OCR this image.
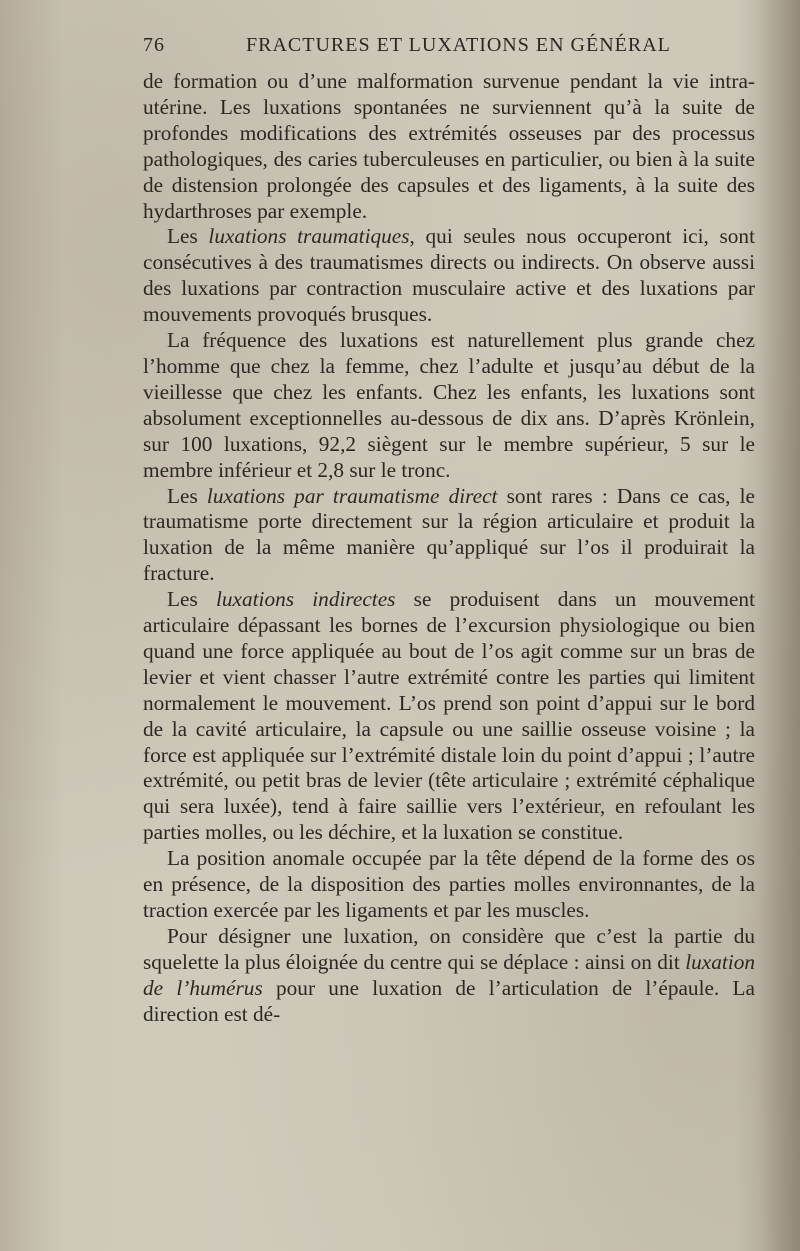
76	FRACTURES ET LUXATIONS EN GÉNÉRAL

de formation ou d’une malformation survenue pendant la vie intra-utérine. Les luxations spontanées ne surviennent qu’à la suite de profondes modifications des extrémités osseuses par des processus pathologiques, des caries tuberculeuses en particulier, ou bien à la suite de distension prolongée des capsules et des ligaments, à la suite des hydarthroses par exemple.

Les luxations traumatiques, qui seules nous occuperont ici, sont consécutives à des traumatismes directs ou indirects. On observe aussi des luxations par contraction musculaire active et des luxations par mouvements provoqués brusques.

La fréquence des luxations est naturellement plus grande chez l’homme que chez la femme, chez l’adulte et jusqu’au début de la vieillesse que chez les enfants. Chez les enfants, les luxations sont absolument exceptionnelles au-dessous de dix ans. D’après Krönlein, sur 100 luxations, 92,2 siègent sur le membre supérieur, 5 sur le membre inférieur et 2,8 sur le tronc.

Les luxations par traumatisme direct sont rares : Dans ce cas, le traumatisme porte directement sur la région articulaire et produit la luxation de la même manière qu’appliqué sur l’os il produirait la fracture.

Les luxations indirectes se produisent dans un mouvement articulaire dépassant les bornes de l’excursion physiologique ou bien quand une force appliquée au bout de l’os agit comme sur un bras de levier et vient chasser l’autre extrémité contre les parties qui limitent normalement le mouvement. L’os prend son point d’appui sur le bord de la cavité articulaire, la capsule ou une saillie osseuse voisine ; la force est appliquée sur l’extrémité distale loin du point d’appui ; l’autre extrémité, ou petit bras de levier (tête articulaire ; extrémité céphalique qui sera luxée), tend à faire saillie vers l’extérieur, en refoulant les parties molles, ou les déchire, et la luxation se constitue.

La position anomale occupée par la tête dépend de la forme des os en présence, de la disposition des parties molles environnantes, de la traction exercée par les ligaments et par les muscles.

Pour désigner une luxation, on considère que c’est la partie du squelette la plus éloignée du centre qui se déplace : ainsi on dit luxation de l’humérus pour une luxation de l’articulation de l’épaule. La direction est dé-
